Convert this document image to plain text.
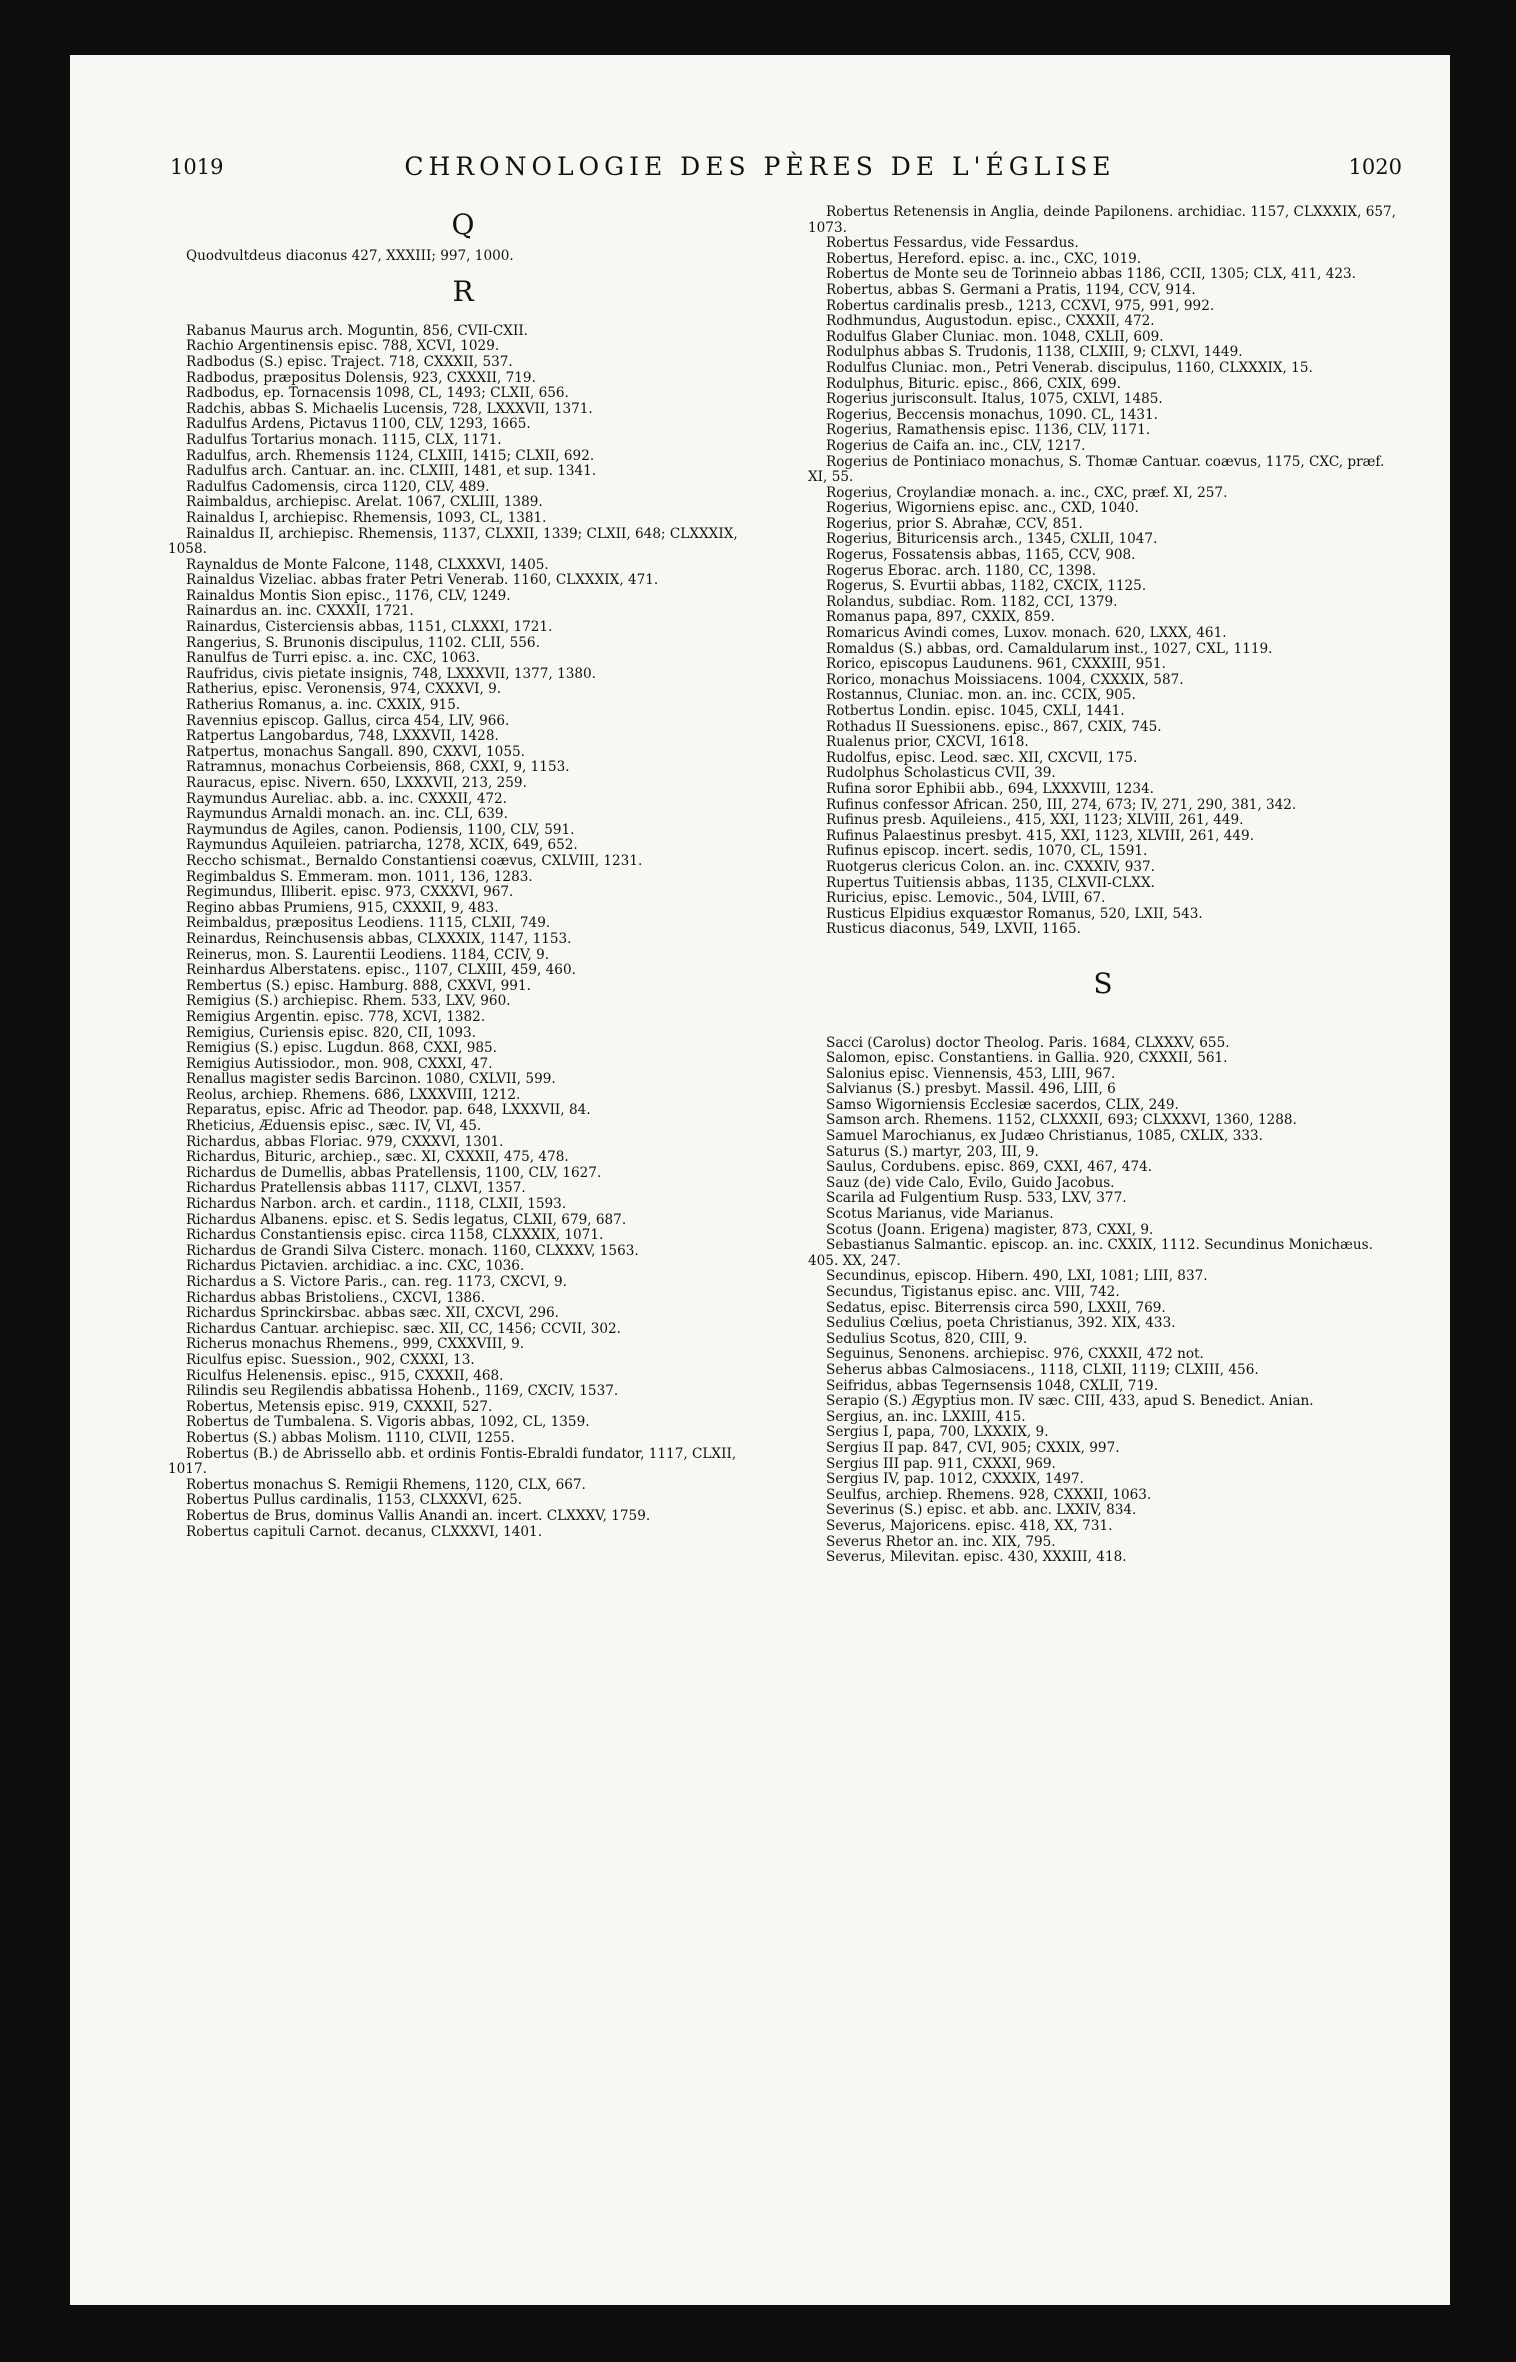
1019	CHRONOLOGIE DES PÈRES DE L'ÉGLISE	1020
Q
Quodvultdeus diaconus 427, XXXIII; 997, 1000.
R
Rabanus Maurus arch. Moguntin, 856, CVII-CXII.
Rachio Argentinensis episc. 788, XCVI, 1029.
Radbodus (S.) episc. Traject. 718, CXXXII, 537.
Radbodus, præpositus Dolensis, 923, CXXXII, 719.
Radbodus, ep. Tornacensis 1098, CL, 1493; CLXII, 656.
Radchis, abbas S. Michaelis Lucensis, 728, LXXXVII, 1371.
Radulfus Ardens, Pictavus 1100, CLV, 1293, 1665.
Radulfus Tortarius monach. 1115, CLX, 1171.
Radulfus, arch. Rhemensis 1124, CLXIII, 1415; CLXII, 692.
Radulfus arch. Cantuar. an. inc. CLXIII, 1481, et sup. 1341.
Radulfus Cadomensis, circa 1120, CLV, 489.
Raimbaldus, archiepisc. Arelat. 1067, CXLIII, 1389.
Rainaldus I, archiepisc. Rhemensis, 1093, CL, 1381.
Rainaldus II, archiepisc. Rhemensis, 1137, CLXXII, 1339; CLXII, 648; CLXXXIX, 1058.
Raynaldus de Monte Falcone, 1148, CLXXXVI, 1405.
Rainaldus Vizeliac. abbas frater Petri Venerab. 1160, CLXXXIX, 471.
Rainaldus Montis Sion episc., 1176, CLV, 1249.
Rainardus an. inc. CXXXII, 1721.
Rainardus, Cisterciensis abbas, 1151, CLXXXI, 1721.
Rangerius, S. Brunonis discipulus, 1102. CLII, 556.
Ranulfus de Turri episc. a. inc. CXC, 1063.
Raufridus, civis pietate insignis, 748, LXXXVII, 1377, 1380.
Ratherius, episc. Veronensis, 974, CXXXVI, 9.
Ratherius Romanus, a. inc. CXXIX, 915.
Ravennius episcop. Gallus, circa 454, LIV, 966.
Ratpertus Langobardus, 748, LXXXVII, 1428.
Ratpertus, monachus Sangall. 890, CXXVI, 1055.
Ratramnus, monachus Corbeiensis, 868, CXXI, 9, 1153.
Rauracus, episc. Nivern. 650, LXXXVII, 213, 259.
Raymundus Aureliac. abb. a. inc. CXXXII, 472.
Raymundus Arnaldi monach. an. inc. CLI, 639.
Raymundus de Agiles, canon. Podiensis, 1100, CLV, 591.
Raymundus Aquileien. patriarcha, 1278, XCIX, 649, 652.
Reccho schismat., Bernaldo Constantiensi coævus, CXLVIII, 1231.
Regimbaldus S. Emmeram. mon. 1011, 136, 1283.
Regimundus, Illiberit. episc. 973, CXXXVI, 967.
Regino abbas Prumiens, 915, CXXXII, 9, 483.
Reimbaldus, præpositus Leodiens. 1115, CLXII, 749.
Reinardus, Reinchusensis abbas, CLXXXIX, 1147, 1153.
Reinerus, mon. S. Laurentii Leodiens. 1184, CCIV, 9.
Reinhardus Alberstatens. episc., 1107, CLXIII, 459, 460.
Rembertus (S.) episc. Hamburg. 888, CXXVI, 991.
Remigius (S.) archiepisc. Rhem. 533, LXV, 960.
Remigius Argentin. episc. 778, XCVI, 1382.
Remigius, Curiensis episc. 820, CII, 1093.
Remigius (S.) episc. Lugdun. 868, CXXI, 985.
Remigius Autissiodor., mon. 908, CXXXI, 47.
Renallus magister sedis Barcinon. 1080, CXLVII, 599.
Reolus, archiep. Rhemens. 686, LXXXVIII, 1212.
Reparatus, episc. Afric ad Theodor. pap. 648, LXXXVII, 84.
Rheticius, Æduensis episc., sæc. IV, VI, 45.
Richardus, abbas Floriac. 979, CXXXVI, 1301.
Richardus, Bituric, archiep., sæc. XI, CXXXII, 475, 478.
Richardus de Dumellis, abbas Pratellensis, 1100, CLV, 1627.
Richardus Pratellensis abbas 1117, CLXVI, 1357.
Richardus Narbon. arch. et cardin., 1118, CLXII, 1593.
Richardus Albanens. episc. et S. Sedis legatus, CLXII, 679, 687.
Richardus Constantiensis episc. circa 1158, CLXXXIX, 1071.
Richardus de Grandi Silva Cisterc. monach. 1160, CLXXXV, 1563.
Richardus Pictavien. archidiac. a inc. CXC, 1036.
Richardus a S. Victore Paris., can. reg. 1173, CXCVI, 9.
Richardus abbas Bristoliens., CXCVI, 1386.
Richardus Sprinckirsbac. abbas sæc. XII, CXCVI, 296.
Richardus Cantuar. archiepisc. sæc. XII, CC, 1456; CCVII, 302.
Richerus monachus Rhemens., 999, CXXXVIII, 9.
Riculfus episc. Suession., 902, CXXXI, 13.
Riculfus Helenensis. episc., 915, CXXXII, 468.
Rilindis seu Regilendis abbatissa Hohenb., 1169, CXCIV, 1537.
Robertus, Metensis episc. 919, CXXXII, 527.
Robertus de Tumbalena. S. Vigoris abbas, 1092, CL, 1359.
Robertus (S.) abbas Molism. 1110, CLVII, 1255.
Robertus (B.) de Abrissello abb. et ordinis Fontis-Ebraldi fundator, 1117, CLXII, 1017.
Robertus monachus S. Remigii Rhemens, 1120, CLX, 667.
Robertus Pullus cardinalis, 1153, CLXXXVI, 625.
Robertus de Brus, dominus Vallis Anandi an. incert. CLXXXV, 1759.
Robertus capituli Carnot. decanus, CLXXXVI, 1401.
Robertus Retenensis in Anglia, deinde Papilonens. archidiac. 1157, CLXXXIX, 657, 1073.
Robertus Fessardus, vide Fessardus.
Robertus, Hereford. episc. a. inc., CXC, 1019.
Robertus de Monte seu de Torinneio abbas 1186, CCII, 1305; CLX, 411, 423.
Robertus, abbas S. Germani a Pratis, 1194, CCV, 914.
Robertus cardinalis presb., 1213, CCXVI, 975, 991, 992.
Rodhmundus, Augustodun. episc., CXXXII, 472.
Rodulfus Glaber Cluniac. mon. 1048, CXLII, 609.
Rodulphus abbas S. Trudonis, 1138, CLXIII, 9; CLXVI, 1449.
Rodulfus Cluniac. mon., Petri Venerab. discipulus, 1160, CLXXXIX, 15.
Rodulphus, Bituric. episc., 866, CXIX, 699.
Rogerius jurisconsult. Italus, 1075, CXLVI, 1485.
Rogerius, Beccensis monachus, 1090. CL, 1431.
Rogerius, Ramathensis episc. 1136, CLV, 1171.
Rogerius de Caifa an. inc., CLV, 1217.
Rogerius de Pontiniaco monachus, S. Thomæ Cantuar. coævus, 1175, CXC, præf. XI, 55.
Rogerius, Croylandiæ monach. a. inc., CXC, præf. XI, 257.
Rogerius, Wigorniens episc. anc., CXD, 1040.
Rogerius, prior S. Abrahæ, CCV, 851.
Rogerius, Bituricensis arch., 1345, CXLII, 1047.
Rogerus, Fossatensis abbas, 1165, CCV, 908.
Rogerus Eborac. arch. 1180, CC, 1398.
Rogerus, S. Evurtii abbas, 1182, CXCIX, 1125.
Rolandus, subdiac. Rom. 1182, CCI, 1379.
Romanus papa, 897, CXXIX, 859.
Romaricus Avindi comes, Luxov. monach. 620, LXXX, 461.
Romaldus (S.) abbas, ord. Camaldularum inst., 1027, CXL, 1119.
Rorico, episcopus Laudunens. 961, CXXXIII, 951.
Rorico, monachus Moissiacens. 1004, CXXXIX, 587.
Rostannus, Cluniac. mon. an. inc. CCIX, 905.
Rotbertus Londin. episc. 1045, CXLI, 1441.
Rothadus II Suessionens. episc., 867, CXIX, 745.
Rualenus prior, CXCVI, 1618.
Rudolfus, episc. Leod. sæc. XII, CXCVII, 175.
Rudolphus Scholasticus CVII, 39.
Rufina soror Ephibii abb., 694, LXXXVIII, 1234.
Rufinus confessor African. 250, III, 274, 673; IV, 271, 290, 381, 342.
Rufinus presb. Aquileiens., 415, XXI, 1123; XLVIII, 261, 449.
Rufinus Palaestinus presbyt. 415, XXI, 1123, XLVIII, 261, 449.
Rufinus episcop. incert. sedis, 1070, CL, 1591.
Ruotgerus clericus Colon. an. inc. CXXXIV, 937.
Rupertus Tuitiensis abbas, 1135, CLXVII-CLXX.
Ruricius, episc. Lemovic., 504, LVIII, 67.
Rusticus Elpidius exquæstor Romanus, 520, LXII, 543.
Rusticus diaconus, 549, LXVII, 1165.
S
Sacci (Carolus) doctor Theolog. Paris. 1684, CLXXXV, 655.
Salomon, episc. Constantiens. in Gallia. 920, CXXXII, 561.
Salonius episc. Viennensis, 453, LIII, 967.
Salvianus (S.) presbyt. Massil. 496, LIII, 6
Samso Wigorniensis Ecclesiæ sacerdos, CLIX, 249.
Samson arch. Rhemens. 1152, CLXXXII, 693; CLXXXVI, 1360, 1288.
Samuel Marochianus, ex Judæo Christianus, 1085, CXLIX, 333.
Saturus (S.) martyr, 203, III, 9.
Saulus, Cordubens. episc. 869, CXXI, 467, 474.
Sauz (de) vide Calo, Evilo, Guido Jacobus.
Scarila ad Fulgentium Rusp. 533, LXV, 377.
Scotus Marianus, vide Marianus.
Scotus (Joann. Erigena) magister, 873, CXXI, 9.
Sebastianus Salmantic. episcop. an. inc. CXXIX, 1112. Secundinus Monichæus. 405. XX, 247.
Secundinus, episcop. Hibern. 490, LXI, 1081; LIII, 837.
Secundus, Tigistanus episc. anc. VIII, 742.
Sedatus, episc. Biterrensis circa 590, LXXII, 769.
Sedulius Cœlius, poeta Christianus, 392. XIX, 433.
Sedulius Scotus, 820, CIII, 9.
Seguinus, Senonens. archiepisc. 976, CXXXII, 472 not.
Seherus abbas Calmosiacens., 1118, CLXII, 1119; CLXIII, 456.
Seifridus, abbas Tegernsensis 1048, CXLII, 719.
Serapio (S.) Ægyptius mon. IV sæc. CIII, 433, apud S. Benedict. Anian.
Sergius, an. inc. LXXIII, 415.
Sergius I, papa, 700, LXXXIX, 9.
Sergius II pap. 847, CVI, 905; CXXIX, 997.
Sergius III pap. 911, CXXXI, 969.
Sergius IV, pap. 1012, CXXXIX, 1497.
Seulfus, archiep. Rhemens. 928, CXXXII, 1063.
Severinus (S.) episc. et abb. anc. LXXIV, 834.
Severus, Majoricens. episc. 418, XX, 731.
Severus Rhetor an. inc. XIX, 795.
Severus, Milevitan. episc. 430, XXXIII, 418.
